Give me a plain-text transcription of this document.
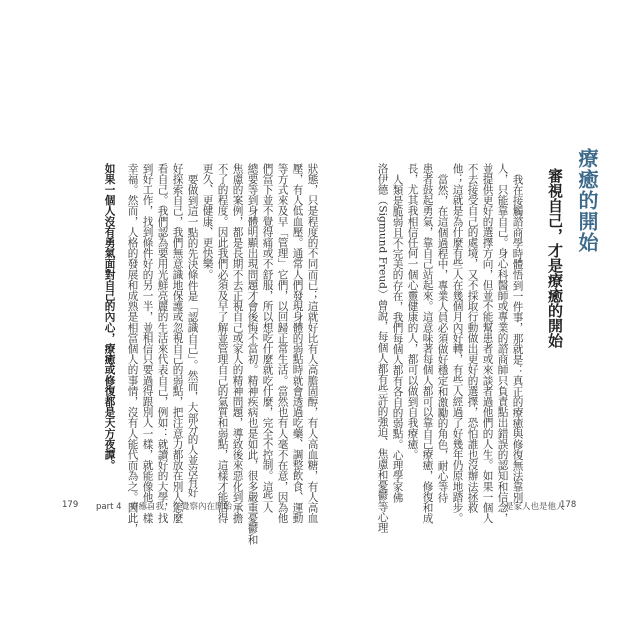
療癒的開始
審視自己，才是療癒的開始
我在接觸諮商學時體悟到一件事，那就是：真正的療癒與修復無法靠別
人，只能靠自己。身心科醫師或專業的諮商師只負責點出錯誤的認知和信念，
並提供更好的選擇方向，但並不能幫患者或來談者過他們的人生。如果一個人
不去接受自己的處境，又不採取行動做出更好的選擇，恐怕誰也沒辦法拯救
他；這就是為什麼有些人在幾個月內好轉，有些人經過了好幾年仍原地踏步。
當然，在這個過程中，專業人員必須做好穩定和激勵的角色，耐心等待
患者鼓起勇氣，靠自己站起來。這意味著每個人都可以靠自己療癒，修復和成
長，尤其我相信任何一個心靈健康的人，都可以做到自我療癒。
人類是脆弱且不完美的存在，我們每個人都有各自的弱點。心理學家佛
洛伊德（Sigmund Freud）曾說，每個人都有些許的強迫、焦慮和憂鬱等心理
狀態，只是程度的不同而已；這就好比有人高膽固醇，有人高血糖，有人高血
壓，有人低血壓。通常人們發現身體的弱點時就會透過吃藥、調整飲食、運動
等方式來及早「管理」它們，以回歸正常生活。當然也有人毫不在意，因為他
們當下並不覺得痛或不舒服，所以想吃什麼就吃什麼，完全不控制。這些人
總要等到身體明顯出現問題才會後悔不當初。精神疾病也是如此，很多嚴重憂鬱和
焦慮的案例，都是長期不去正視自己或家人的精神問題，導致後來惡化到承擔
不了的程度。因此我們必須及早了解並管理自己的氣質和弱點，這樣才能活得
更久、更健康、更快樂。
要做到這一點的先決條件是「認識自己」。然而，大部分的人並沒有好
好探索自己，我們無意識地保護或忽視自己的弱點，把注意力都放在別人怎麼
看自己。我們認為要用光鮮亮麗的生活來代表自己，例如：就讀好的大學，找
到好工作，找到條件好的另一半，並相信只要過得跟別人一樣，就能像他一樣
幸福。然而，人格的發展和成熟是相當個人的事情，沒有人能代而為之。因此，
如果一個人沒有勇氣面對自己的內心，療癒或修復都是天方夜譚。
179 part 4　療癒自我，從覺察內在開始	是家人也是他人
178
